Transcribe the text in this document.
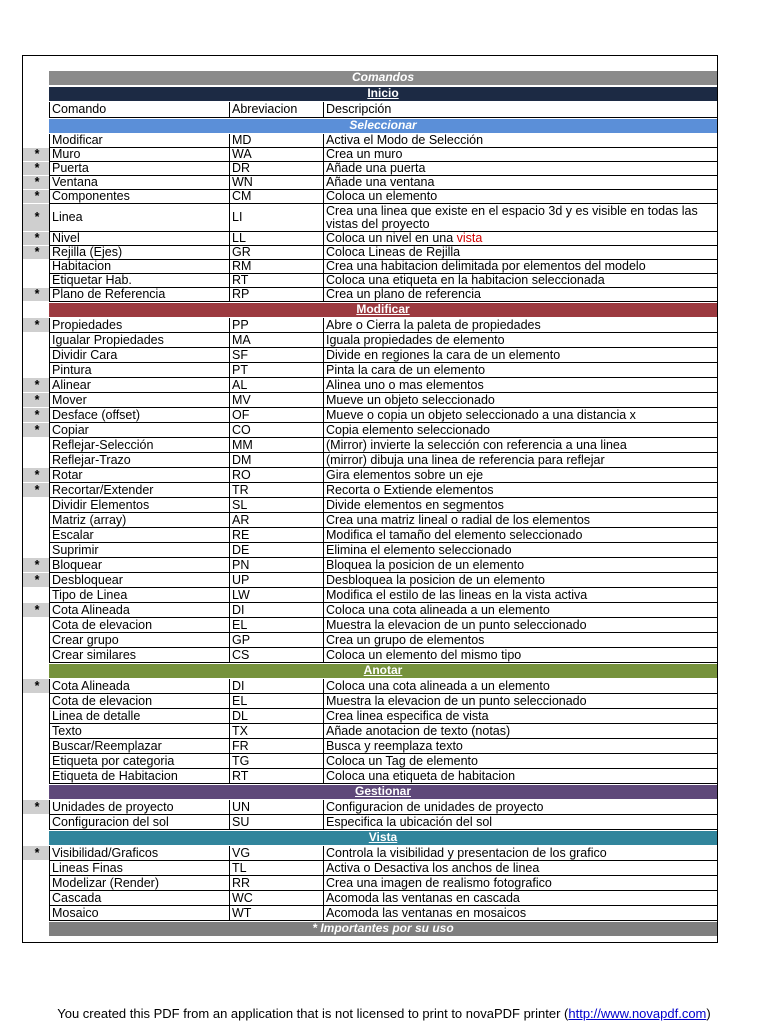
Comandos
Inicio
Comando	Abreviacion	Descripción
Seleccionar
Modificar	MD	Activa el Modo de Selección
*	Muro	WA	Crea un muro
*	Puerta	DR	Añade una puerta
*	Ventana	WN	Añade una ventana
*	Componentes	CM	Coloca un elemento
*	Linea	LI	Crea una linea que existe en el espacio 3d y es visible en todas las vistas del proyecto
*	Nivel	LL	Coloca un nivel en una vista
*	Rejilla (Ejes)	GR	Coloca Lineas de Rejilla
Habitacion	RM	Crea una habitacion delimitada por elementos del modelo
Etiquetar Hab.	RT	Coloca una etiqueta en la habitacion seleccionada
*	Plano de Referencia	RP	Crea un plano de referencia
Modificar
*	Propiedades	PP	Abre o Cierra la paleta de propiedades
Igualar Propiedades	MA	Iguala propiedades de elemento
Dividir Cara	SF	Divide en regiones la cara de un elemento
Pintura	PT	Pinta la cara de un elemento
*	Alinear	AL	Alinea uno o mas elementos
*	Mover	MV	Mueve un objeto seleccionado
*	Desface (offset)	OF	Mueve o copia un objeto seleccionado a una distancia x
*	Copiar	CO	Copia elemento seleccionado
Reflejar-Selección	MM	(Mirror) invierte la selección con referencia a una linea
Reflejar-Trazo	DM	(mirror) dibuja una linea de referencia para reflejar
*	Rotar	RO	Gira elementos sobre un eje
*	Recortar/Extender	TR	Recorta o Extiende elementos
Dividir Elementos	SL	Divide elementos en segmentos
Matriz (array)	AR	Crea una matriz lineal o radial de los elementos
Escalar	RE	Modifica el tamaño del elemento seleccionado
Suprimir	DE	Elimina el elemento seleccionado
*	Bloquear	PN	Bloquea la posicion de un elemento
*	Desbloquear	UP	Desbloquea la posicion de un elemento
Tipo de Linea	LW	Modifica el estilo de las lineas en la vista activa
*	Cota Alineada	DI	Coloca una cota alineada a un elemento
Cota de elevacion	EL	Muestra la elevacion de un punto seleccionado
Crear grupo	GP	Crea un grupo de elementos
Crear similares	CS	Coloca un elemento del mismo tipo
Anotar
*	Cota Alineada	DI	Coloca una cota alineada a un elemento
Cota de elevacion	EL	Muestra la elevacion de un punto seleccionado
Linea de detalle	DL	Crea linea especifica de vista
Texto	TX	Añade anotacion de texto (notas)
Buscar/Reemplazar	FR	Busca y reemplaza texto
Etiqueta por categoria	TG	Coloca un Tag de elemento
Etiqueta de Habitacion	RT	Coloca una etiqueta de habitacion
Gestionar
*	Unidades de proyecto	UN	Configuracion de unidades de proyecto
Configuracion del sol	SU	Especifica la ubicación del sol
Vista
*	Visibilidad/Graficos	VG	Controla la visibilidad y presentacion de los grafico
Lineas Finas	TL	Activa o Desactiva los anchos de linea
Modelizar (Render)	RR	Crea una imagen de realismo fotografico
Cascada	WC	Acomoda las ventanas en cascada
Mosaico	WT	Acomoda las ventanas en mosaicos
* Importantes por su uso
You created this PDF from an application that is not licensed to print to novaPDF printer (http://www.novapdf.com)
